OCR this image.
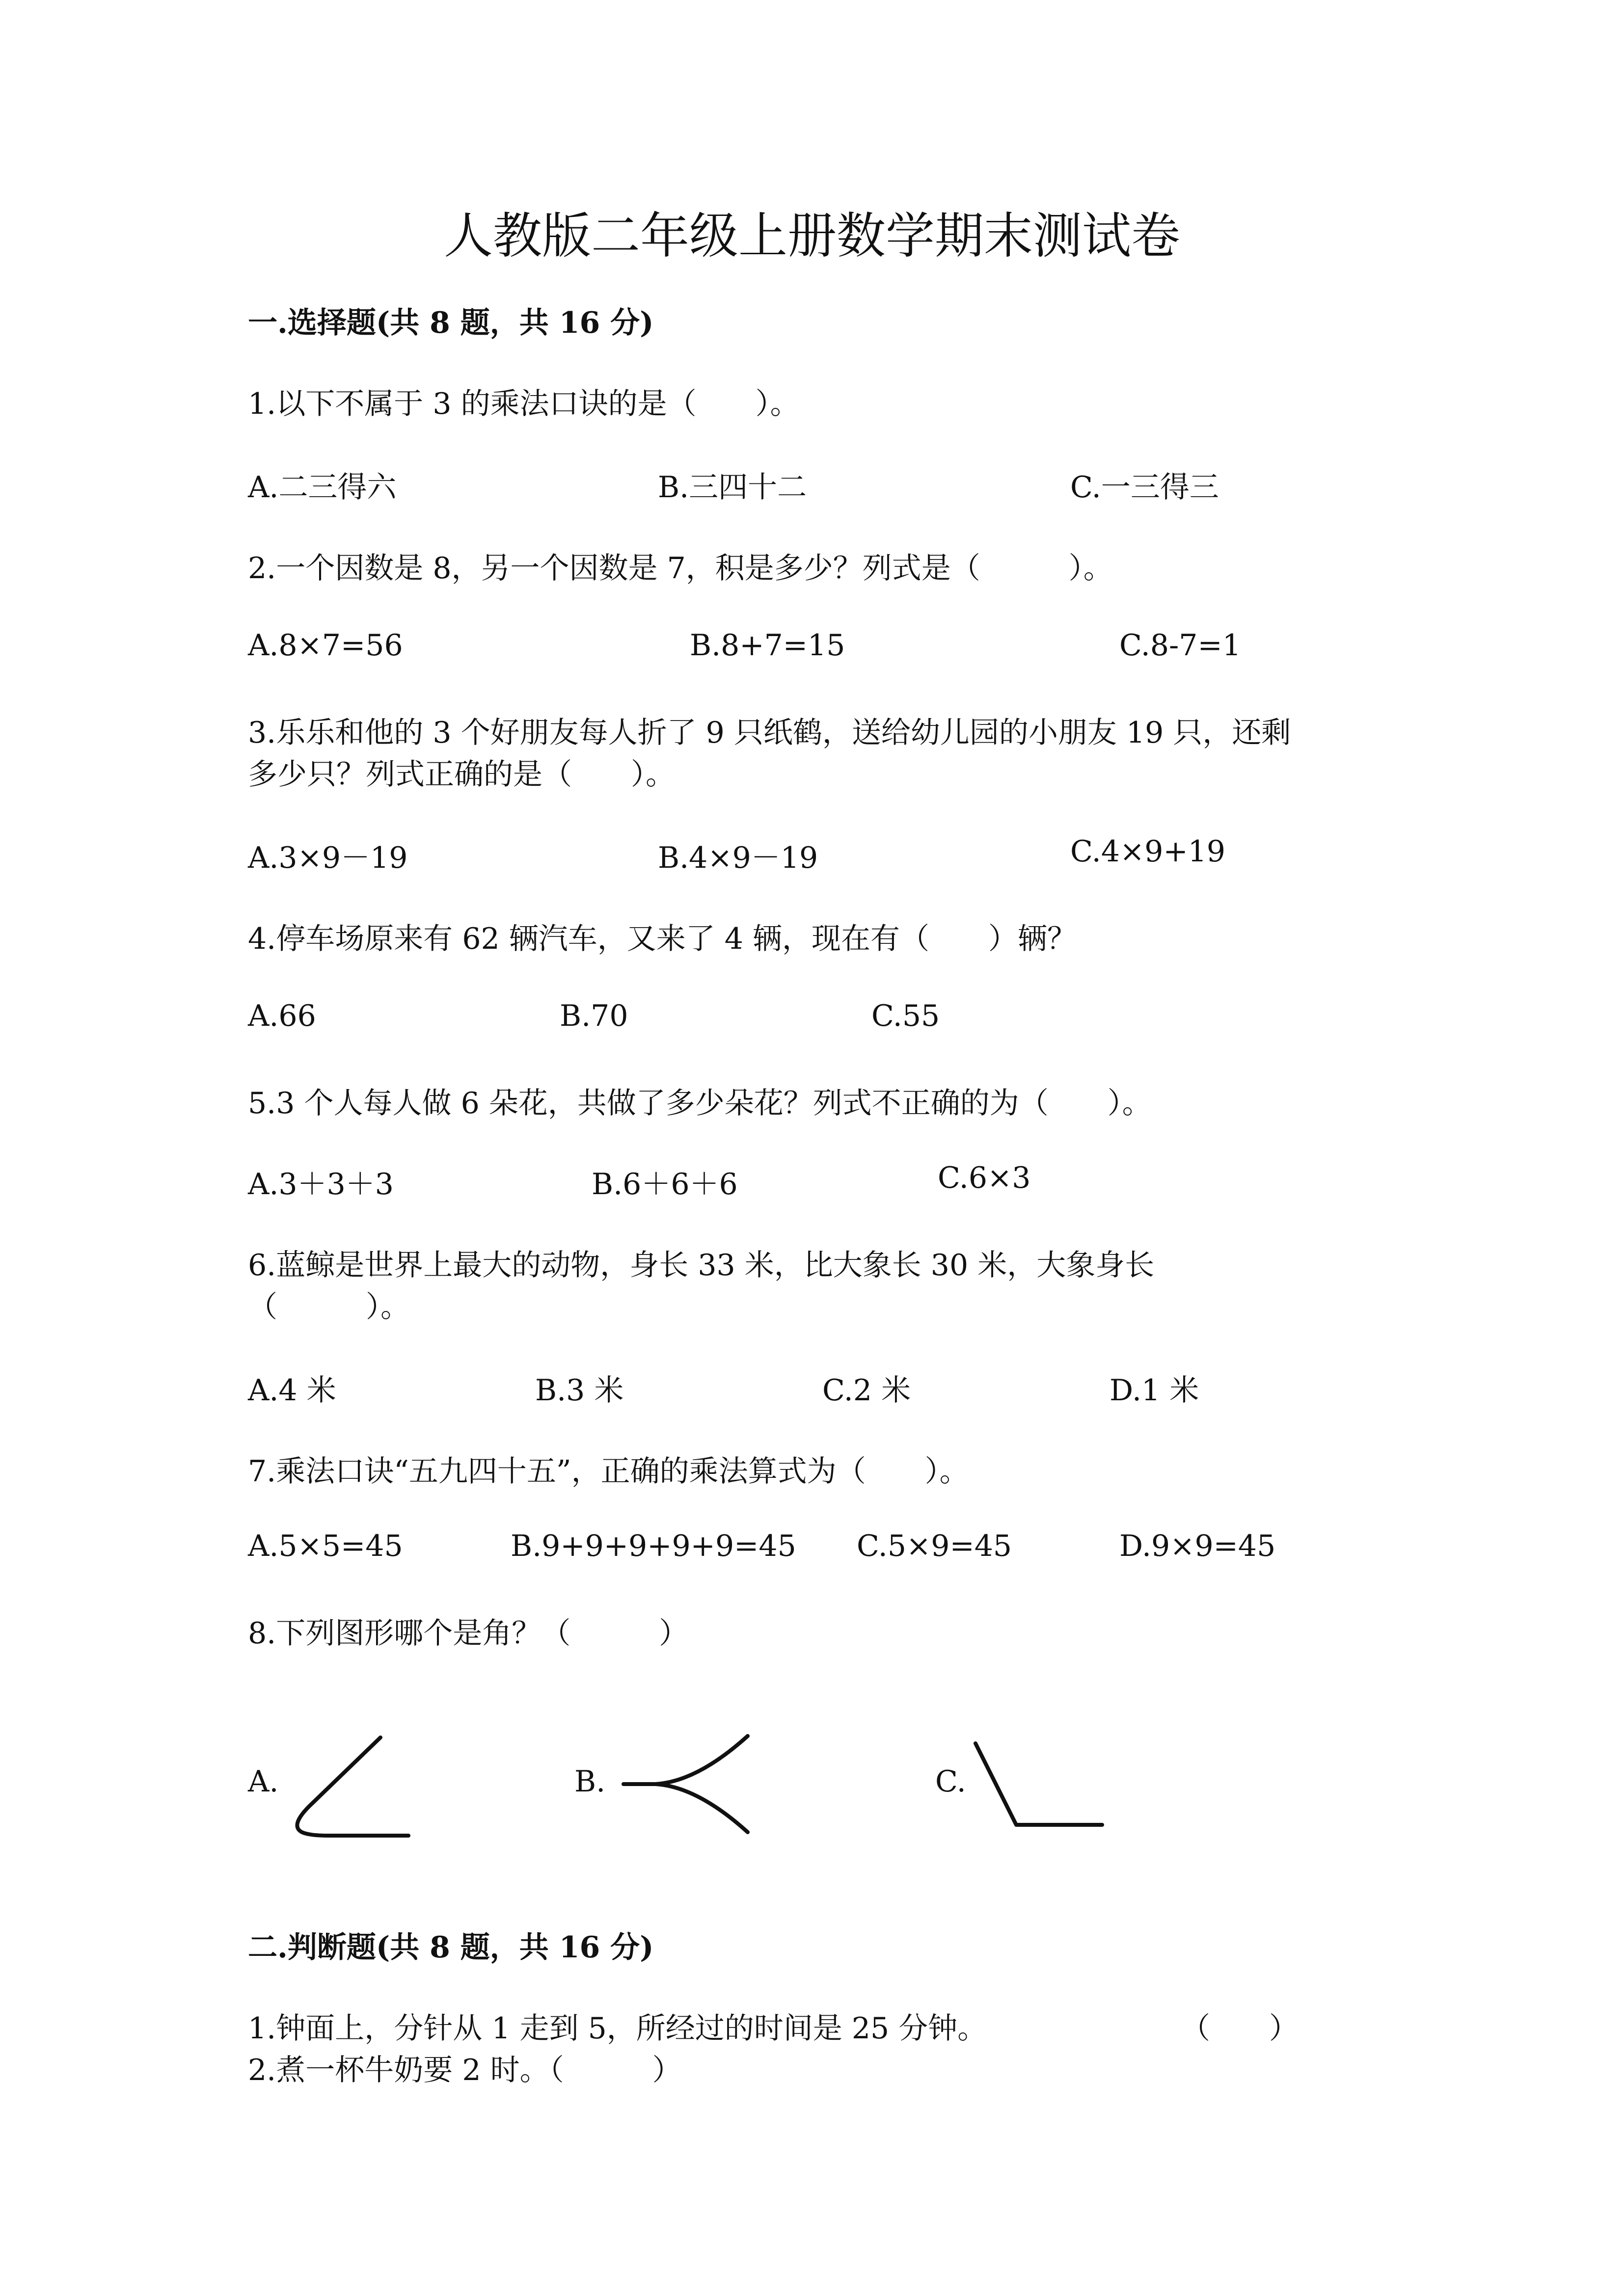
人教版二年级上册数学期末测试卷
一.选择题(共 8 题，共 16 分)
1.以下不属于 3 的乘法口诀的是（　　）。
A.二三得六	B.三四十二	C.一三得三
2.一个因数是 8，另一个因数是 7，积是多少？列式是（　　　）。
A.8×7=56	B.8+7=15	C.8-7=1
3.乐乐和他的 3 个好朋友每人折了 9 只纸鹤，送给幼儿园的小朋友 19 只，还剩
多少只？列式正确的是（　　）。
A.3×9－19	B.4×9－19	C.4×9+19
4.停车场原来有 62 辆汽车，又来了 4 辆，现在有（　　）辆？
A.66	B.70	C.55
5.3 个人每人做 6 朵花，共做了多少朵花？列式不正确的为（　　）。
A.3＋3＋3	B.6＋6＋6	C.6×3
6.蓝鲸是世界上最大的动物，身长 33 米，比大象长 30 米，大象身长
（　　　）。
A.4 米	B.3 米	C.2 米	D.1 米
7.乘法口诀“五九四十五”，正确的乘法算式为（　　）。
A.5×5=45	B.9+9+9+9+9=45 C.5×9=45	D.9×9=45
8.下列图形哪个是角？（　　　）
A.	B.	C.
二.判断题(共 8 题，共 16 分)
1.钟面上，分针从 1 走到 5，所经过的时间是 25 分钟。	（　　）
2.煮一杯牛奶要 2 时。（　　　）
